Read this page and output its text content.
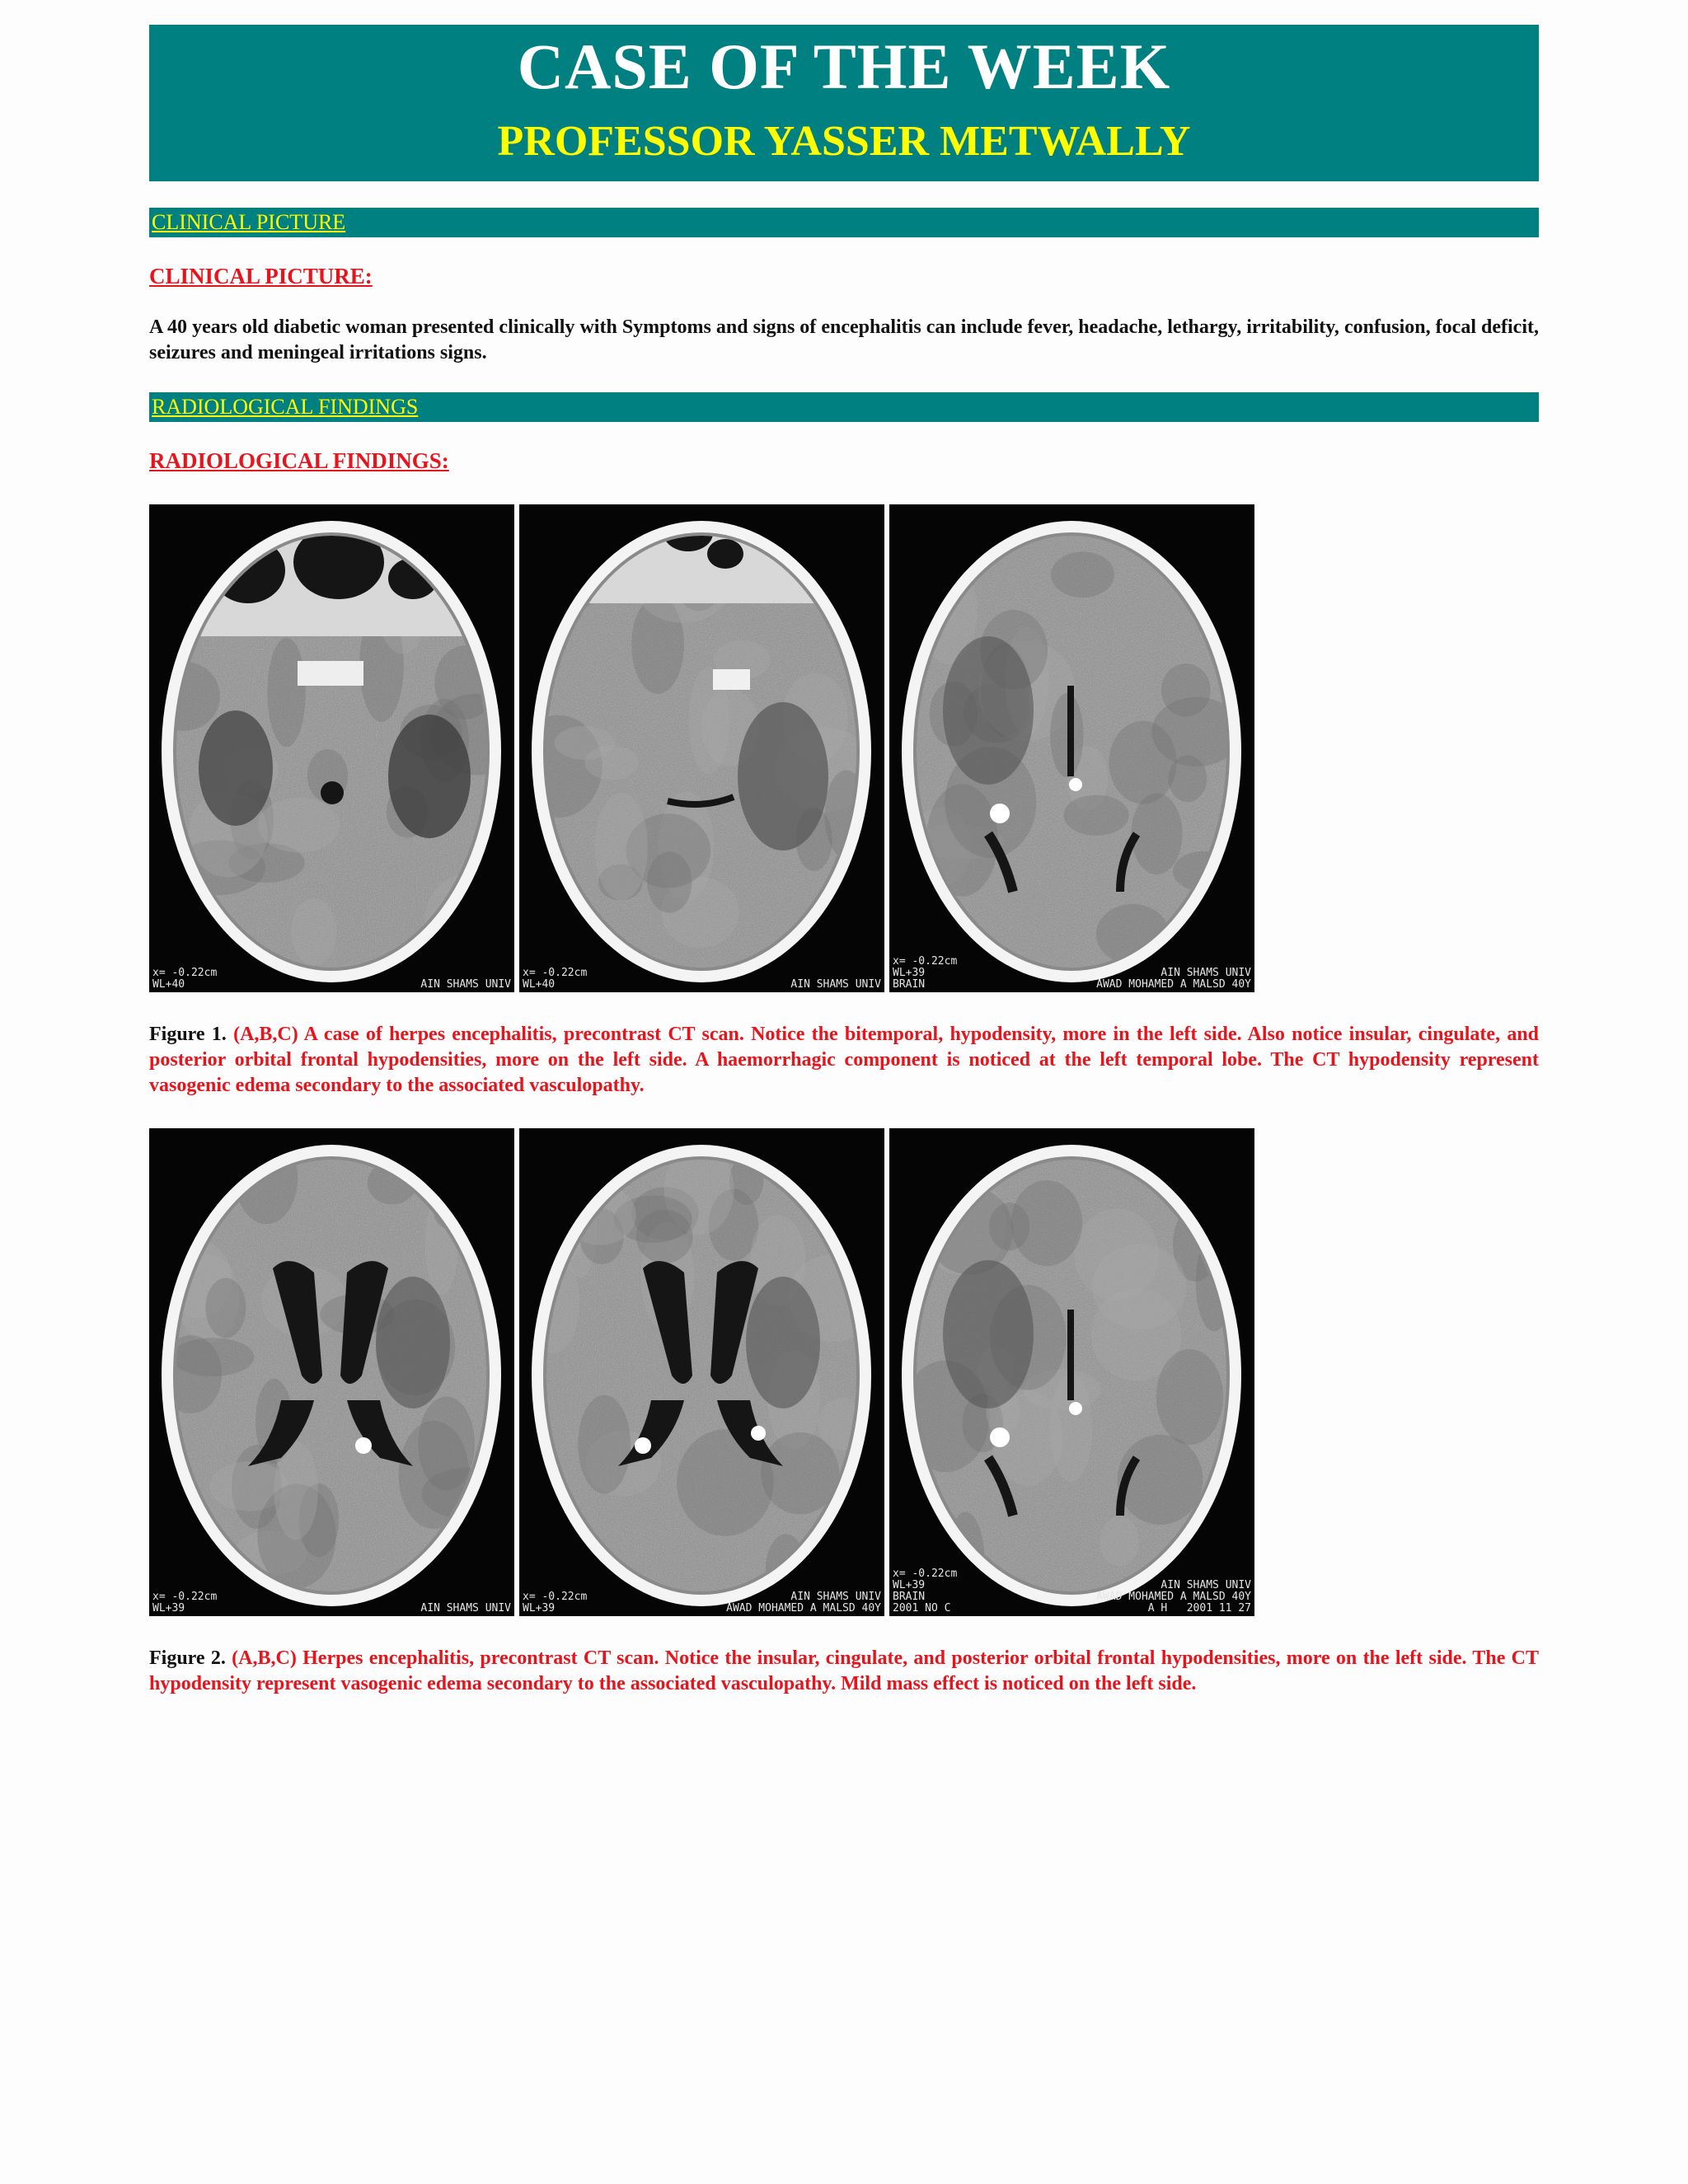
CASE OF THE WEEK
PROFESSOR YASSER METWALLY
CLINICAL PICTURE
CLINICAL PICTURE:
A 40 years old diabetic woman presented clinically with Symptoms and signs of encephalitis can include fever, headache, lethargy, irritability, confusion, focal deficit, seizures and meningeal irritations signs.
RADIOLOGICAL FINDINGS
RADIOLOGICAL FINDINGS:
x= -0.22cm
WL+40	AIN SHAMS UNIV
x= -0.22cm
WL+40	AIN SHAMS UNIV
x= -0.22cm
WL+39
BRAIN
AIN SHAMS UNIV
AWAD MOHAMED A MALSD 40Y
Figure 1. (A,B,C) A case of herpes encephalitis, precontrast CT scan. Notice the bitemporal, hypodensity, more in the left side. Also notice insular, cingulate, and posterior orbital frontal hypodensities, more on the left side. A haemorrhagic component is noticed at the left temporal lobe. The CT hypodensity represent vasogenic edema secondary to the associated vasculopathy.
x= -0.22cm
WL+39	AIN SHAMS UNIV
x= -0.22cm
WL+39
AIN SHAMS UNIV
AWAD MOHAMED A MALSD 40Y
x= -0.22cm
WL+39
BRAIN
2001 NO C
AIN SHAMS UNIV
AWAD MOHAMED A MALSD 40Y
A H   2001 11 27
Figure 2. (A,B,C) Herpes encephalitis, precontrast CT scan. Notice the insular, cingulate, and posterior orbital frontal hypodensities, more on the left side. The CT hypodensity represent vasogenic edema secondary to the associated vasculopathy. Mild mass effect is noticed on the left side.
